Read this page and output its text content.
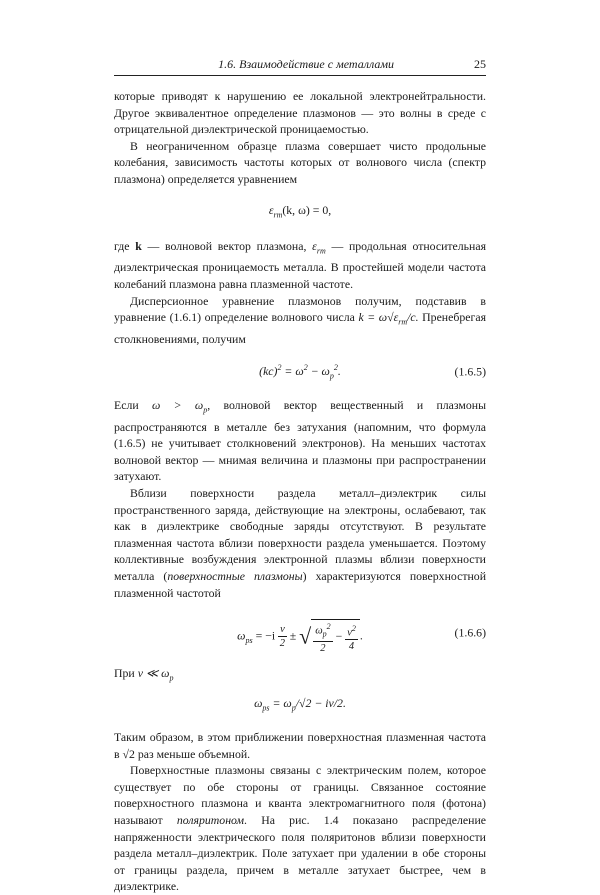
1.6. Взаимодействие с металлами	25

которые приводят к нарушению ее локальной электронейтральности. Другое эквивалентное определение плазмонов — это волны в среде с отрицательной диэлектрической проницаемостью.

В неограниченном образце плазма совершает чисто продольные колебания, зависимость частоты которых от волнового числа (спектр плазмона) определяется уравнением

$\varepsilon_{rm}(k$, ω) = 0,

где k — волновой вектор плазмона, $\varepsilon_{rm}$ — продольная относительная диэлектрическая проницаемость металла. В простейшей модели частота колебаний плазмона равна плазменной частоте.

Дисперсионное уравнение плазмонов получим, подставив в уравнение (1.6.1) определение волнового числа $k = \omega√\varepsilon_{rm}/c$. Пренебрегая столкновениями, получим

$(kc)^2 = \omega^2 - \omega_p^2$.	(1.6.5)

Если $\omega > \omega_p$, волновой вектор вещественный и плазмоны распространяются в металле без затухания (напомним, что формула (1.6.5) не учитывает столкновений электронов). На меньших частотах волновой вектор — мнимая величина и плазмоны при распространении затухают.

Вблизи поверхности раздела металл–диэлектрик силы пространственного заряда, действующие на электроны, ослабевают, так как в диэлектрике свободные заряды отсутствуют. В результате плазменная частота вблизи поверхности раздела уменьшается. Поэтому коллективные возбуждения электронной плазмы вблизи поверхности металла (поверхностные плазмоны) характеризуются поверхностной плазменной частотой

$\omega_{ps} = -i \frac{\nu}{2}$ ± √ $\frac{\omega_p^2}{2} - \frac{\nu^2}{4}$ .	(1.6.6)

При ν ≪ $\omega_p$

$\omega_{ps} = \omega_p/√2 - i\nu/2$.

Таким образом, в этом приближении поверхностная плазменная частота в √2 раз меньше объемной.

Поверхностные плазмоны связаны с электрическим полем, которое существует по обе стороны от границы. Связанное состояние поверхностного плазмона и кванта электромагнитного поля (фотона) называют поляритоном. На рис. 1.4 показано распределение напряженности электрического поля поляритонов вблизи поверхности раздела металл–диэлектрик. Поле затухает при удалении в обе стороны от границы раздела, причем в металле затухает быстрее, чем в диэлектрике.
